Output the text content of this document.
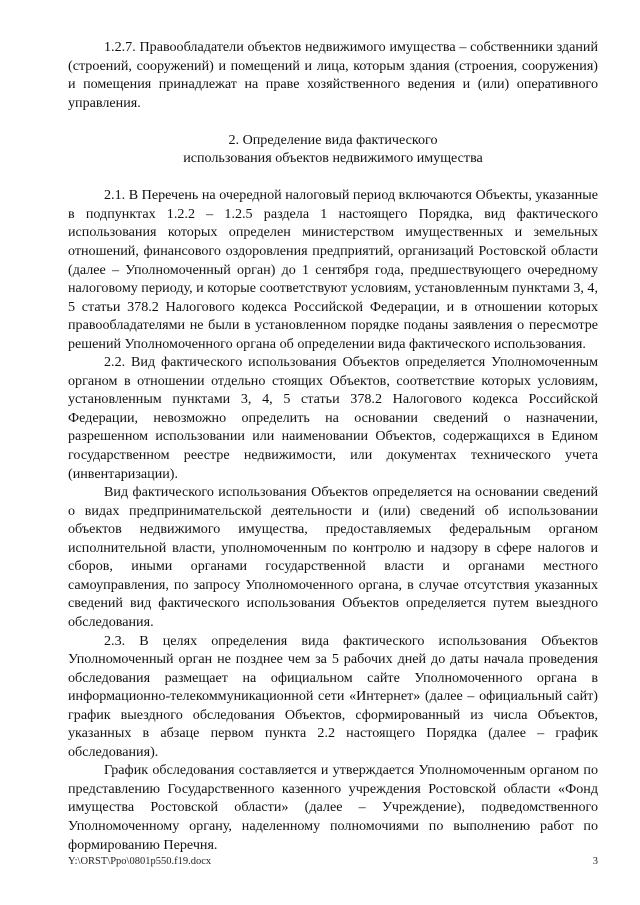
1.2.7. Правообладатели объектов недвижимого имущества – собственники зданий (строений, сооружений) и помещений и лица, которым здания (строения, сооружения) и помещения принадлежат на праве хозяйственного ведения и (или) оперативного управления.

2. Определение вида фактического

использования объектов недвижимого имущества

2.1. В Перечень на очередной налоговый период включаются Объекты, указанные в подпунктах 1.2.2 – 1.2.5 раздела 1 настоящего Порядка, вид фактического использования которых определен министерством имущественных и земельных отношений, финансового оздоровления предприятий, организаций Ростовской области (далее – Уполномоченный орган) до 1 сентября года, предшествующего очередному налоговому периоду, и которые соответствуют условиям, установленным пунктами 3, 4, 5 статьи 378.2 Налогового кодекса Российской Федерации, и в отношении которых правообладателями не были в установленном порядке поданы заявления о пересмотре решений Уполномоченного органа об определении вида фактического использования.

2.2. Вид фактического использования Объектов определяется Уполномоченным органом в отношении отдельно стоящих Объектов, соответствие которых условиям, установленным пунктами 3, 4, 5 статьи 378.2 Налогового кодекса Российской Федерации, невозможно определить на основании сведений о назначении, разрешенном использовании или наименовании Объектов, содержащихся в Едином государственном реестре недвижимости, или документах технического учета (инвентаризации).

Вид фактического использования Объектов определяется на основании сведений о видах предпринимательской деятельности и (или) сведений об использовании объектов недвижимого имущества, предоставляемых федеральным органом исполнительной власти, уполномоченным по контролю и надзору в сфере налогов и сборов, иными органами государственной власти и органами местного самоуправления, по запросу Уполномоченного органа, в случае отсутствия указанных сведений вид фактического использования Объектов определяется путем выездного обследования.

2.3. В целях определения вида фактического использования Объектов Уполномоченный орган не позднее чем за 5 рабочих дней до даты начала проведения обследования размещает на официальном сайте Уполномоченного органа в информационно-телекоммуникационной сети «Интернет» (далее – официальный сайт) график выездного обследования Объектов, сформированный из числа Объектов, указанных в абзаце первом пункта 2.2 настоящего Порядка (далее – график обследования).

График обследования составляется и утверждается Уполномоченным органом по представлению Государственного казенного учреждения Ростовской области «Фонд имущества Ростовской области» (далее – Учреждение), подведомственного Уполномоченному органу, наделенному полномочиями по выполнению работ по формированию Перечня.

Y:\ORST\Ppo\0801p550.f19.docx	3
